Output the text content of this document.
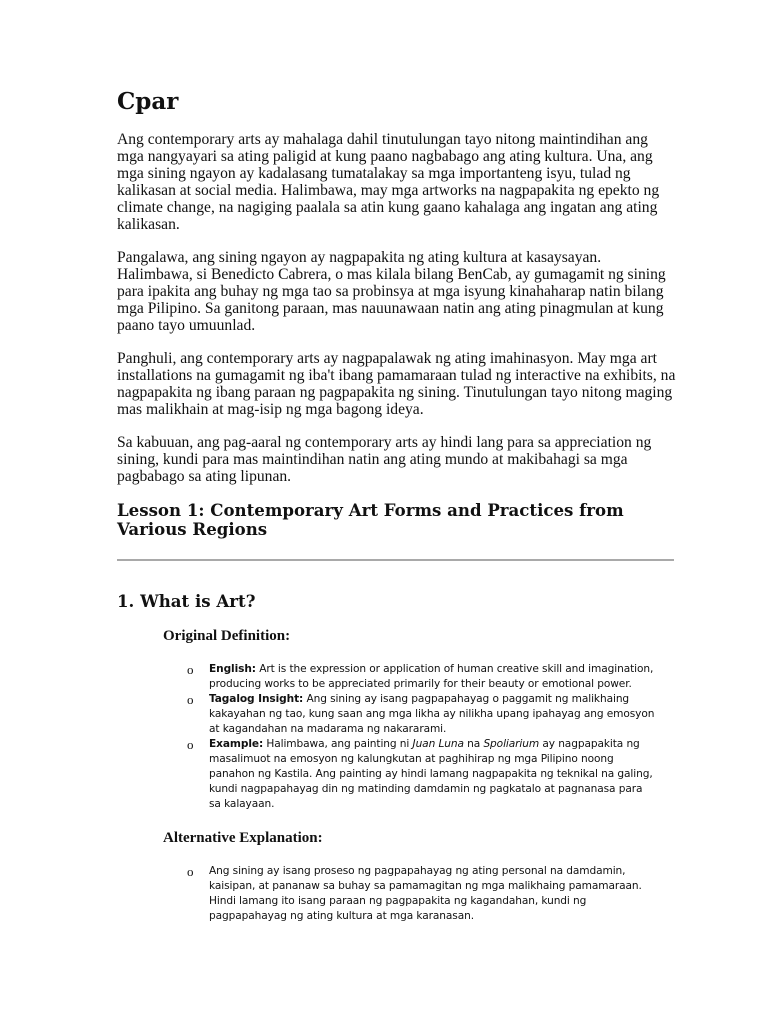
Cpar

Ang contemporary arts ay mahalaga dahil tinutulungan tayo nitong maintindihan ang mga nangyayari sa ating paligid at kung paano nagbabago ang ating kultura. Una, ang mga sining ngayon ay kadalasang tumatalakay sa mga importanteng isyu, tulad ng kalikasan at social media. Halimbawa, may mga artworks na nagpapakita ng epekto ng climate change, na nagiging paalala sa atin kung gaano kahalaga ang ingatan ang ating kalikasan.

Pangalawa, ang sining ngayon ay nagpapakita ng ating kultura at kasaysayan. Halimbawa, si Benedicto Cabrera, o mas kilala bilang BenCab, ay gumagamit ng sining para ipakita ang buhay ng mga tao sa probinsya at mga isyung kinahaharap natin bilang mga Pilipino. Sa ganitong paraan, mas nauunawaan natin ang ating pinagmulan at kung paano tayo umuunlad.

Panghuli, ang contemporary arts ay nagpapalawak ng ating imahinasyon. May mga art installations na gumagamit ng iba't ibang pamamaraan tulad ng interactive na exhibits, na nagpapakita ng ibang paraan ng pagpapakita ng sining. Tinutulungan tayo nitong maging mas malikhain at mag-isip ng mga bagong ideya.

Sa kabuuan, ang pag-aaral ng contemporary arts ay hindi lang para sa appreciation ng sining, kundi para mas maintindihan natin ang ating mundo at makibahagi sa mga pagbabago sa ating lipunan.

Lesson 1: Contemporary Art Forms and Practices from Various Regions
1. What is Art?
Original Definition:
o English: Art is the expression or application of human creative skill and imagination, producing works to be appreciated primarily for their beauty or emotional power.
o Tagalog Insight: Ang sining ay isang pagpapahayag o paggamit ng malikhaing kakayahan ng tao, kung saan ang mga likha ay nilikha upang ipahayag ang emosyon at kagandahan na madarama ng nakararami.
o Example: Halimbawa, ang painting ni Juan Luna na Spoliarium ay nagpapakita ng masalimuot na emosyon ng kalungkutan at paghihirap ng mga Pilipino noong panahon ng Kastila. Ang painting ay hindi lamang nagpapakita ng teknikal na galing, kundi nagpapahayag din ng matinding damdamin ng pagkatalo at pagnanasa para sa kalayaan.
Alternative Explanation:
o Ang sining ay isang proseso ng pagpapahayag ng ating personal na damdamin, kaisipan, at pananaw sa buhay sa pamamagitan ng mga malikhaing pamamaraan. Hindi lamang ito isang paraan ng pagpapakita ng kagandahan, kundi ng pagpapahayag ng ating kultura at mga karanasan.
